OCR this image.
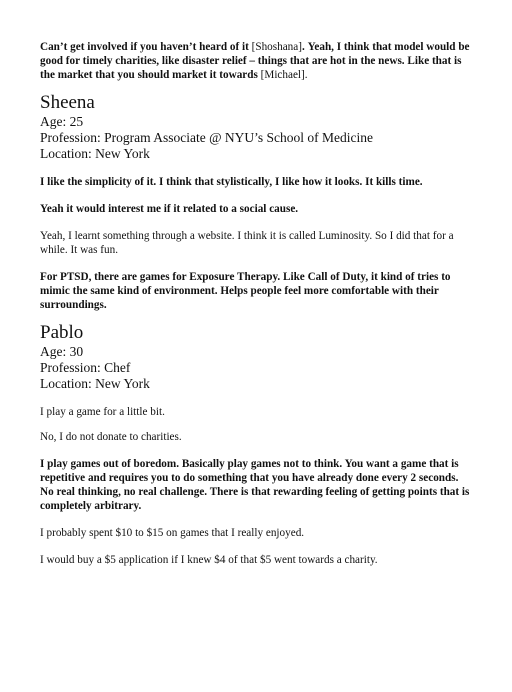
Can’t get involved if you haven’t heard of it [Shoshana]. Yeah, I think that model would be good for timely charities, like disaster relief – things that are hot in the news. Like that is the market that you should market it towards [Michael].

Sheena
Age: 25
Profession: Program Associate @ NYU’s School of Medicine
Location: New York

I like the simplicity of it. I think that stylistically, I like how it looks. It kills time.

Yeah it would interest me if it related to a social cause.

Yeah, I learnt something through a website. I think it is called Luminosity. So I did that for a while. It was fun.

For PTSD, there are games for Exposure Therapy. Like Call of Duty, it kind of tries to mimic the same kind of environment. Helps people feel more comfortable with their surroundings.

Pablo
Age: 30
Profession: Chef
Location: New York

I play a game for a little bit.

No, I do not donate to charities.

I play games out of boredom. Basically play games not to think. You want a game that is repetitive and requires you to do something that you have already done every 2 seconds. No real thinking, no real challenge. There is that rewarding feeling of getting points that is completely arbitrary.

I probably spent $10 to $15 on games that I really enjoyed.

I would buy a $5 application if I knew $4 of that $5 went towards a charity.
